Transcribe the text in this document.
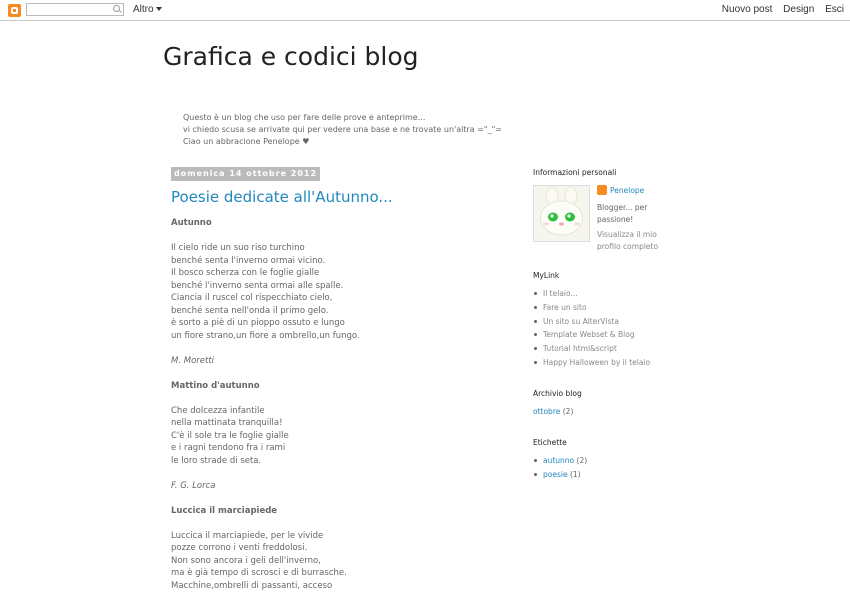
Altro	Nuovo post Design Esci
Grafica e codici blog
Questo è un blog che uso per fare delle prove e anteprime...
vi chiedo scusa se arrivate qui per vedere una base e ne trovate un'altra ="_"=
Ciao un abbracione Penelope ♥
domenica 14 ottobre 2012
Poesie dedicate all'Autunno...
Autunno
Il cielo ride un suo riso turchino
benché senta l'inverno ormai vicino.
Il bosco scherza con le foglie gialle
benché l'inverno senta ormai alle spalle.
Ciancia il ruscel col rispecchiato cielo,
benché senta nell'onda il primo gelo.
è sorto a piè di un pioppo ossuto e lungo
un fiore strano,un fiore a ombrello,un fungo.
M. Moretti
Mattino d'autunno
Che dolcezza infantile
nella mattinata tranquilla!
C'è il sole tra le foglie gialle
e i ragni tendono fra i rami
le loro strade di seta.
F. G. Lorca
Luccica il marciapiede
Luccica il marciapiede, per le vivide
pozze corrono i venti freddolosi.
Non sono ancora i geli dell'inverno,
ma è già tempo di scrosci e di burrasche.
Macchine,ombrelli di passanti, acceso
Informazioni personali
Penelope
Blogger... per passione!
Visualizza il mio profilo completo
MyLink
Il telaio...
Fare un sito
Un sito su AlterVista
Template Webset & Blog
Tutorial html&script
Happy Halloween by il telaio
Archivio blog
ottobre (2)
Etichette
autunno (2)
poesie (1)
